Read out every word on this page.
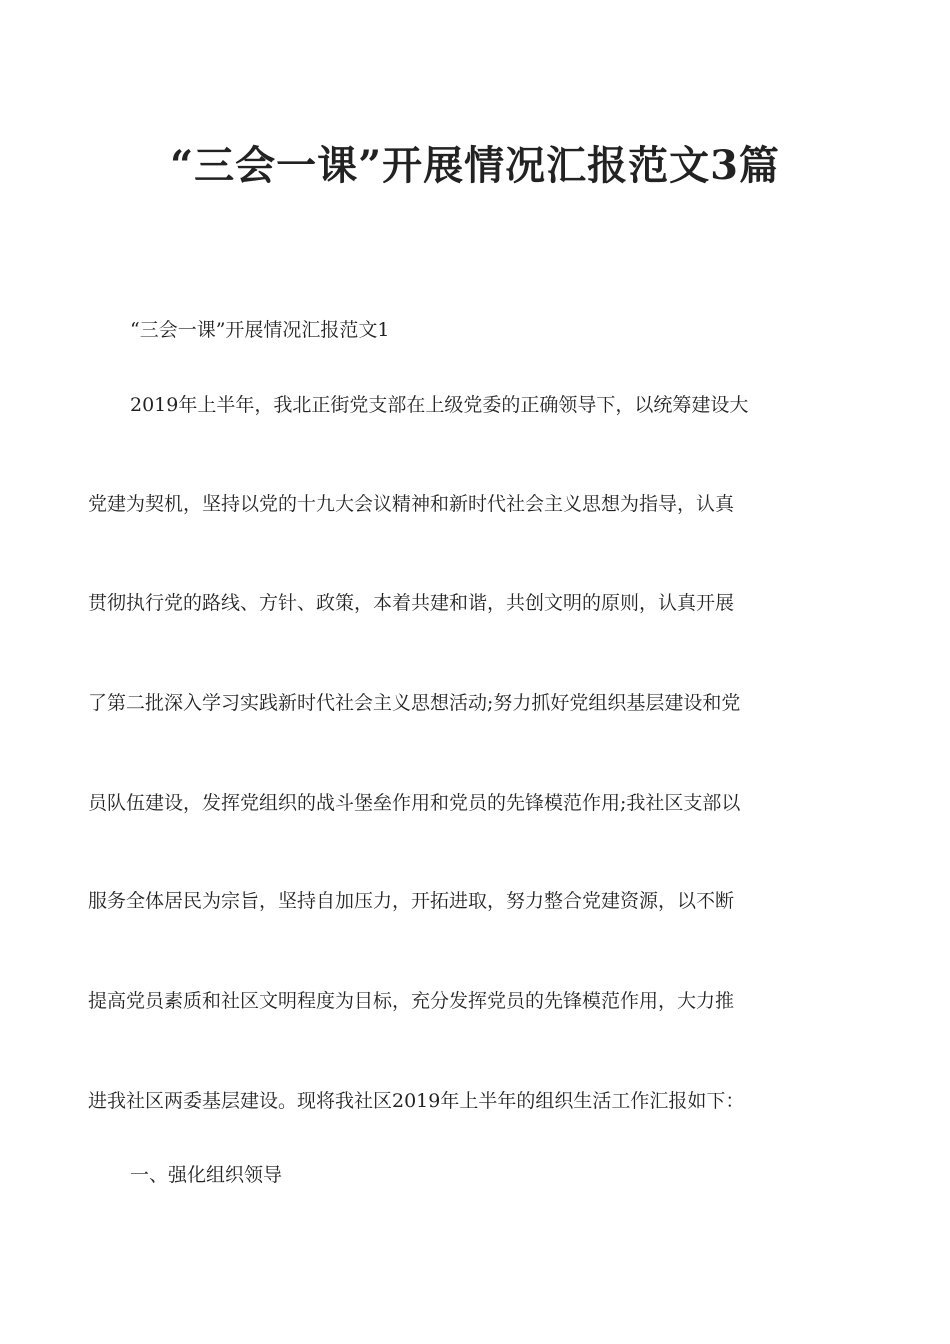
“三会一课”开展情况汇报范文3篇
“三会一课”开展情况汇报范文1
2019年上半年，我北正街党支部在上级党委的正确领导下，以统筹建设大
党建为契机，坚持以党的十九大会议精神和新时代社会主义思想为指导，认真
贯彻执行党的路线、方针、政策，本着共建和谐，共创文明的原则，认真开展
了第二批深入学习实践新时代社会主义思想活动;努力抓好党组织基层建设和党
员队伍建设，发挥党组织的战斗堡垒作用和党员的先锋模范作用;我社区支部以
服务全体居民为宗旨，坚持自加压力，开拓进取，努力整合党建资源，以不断
提高党员素质和社区文明程度为目标，充分发挥党员的先锋模范作用，大力推
进我社区两委基层建设。现将我社区2019年上半年的组织生活工作汇报如下：
一、强化组织领导
